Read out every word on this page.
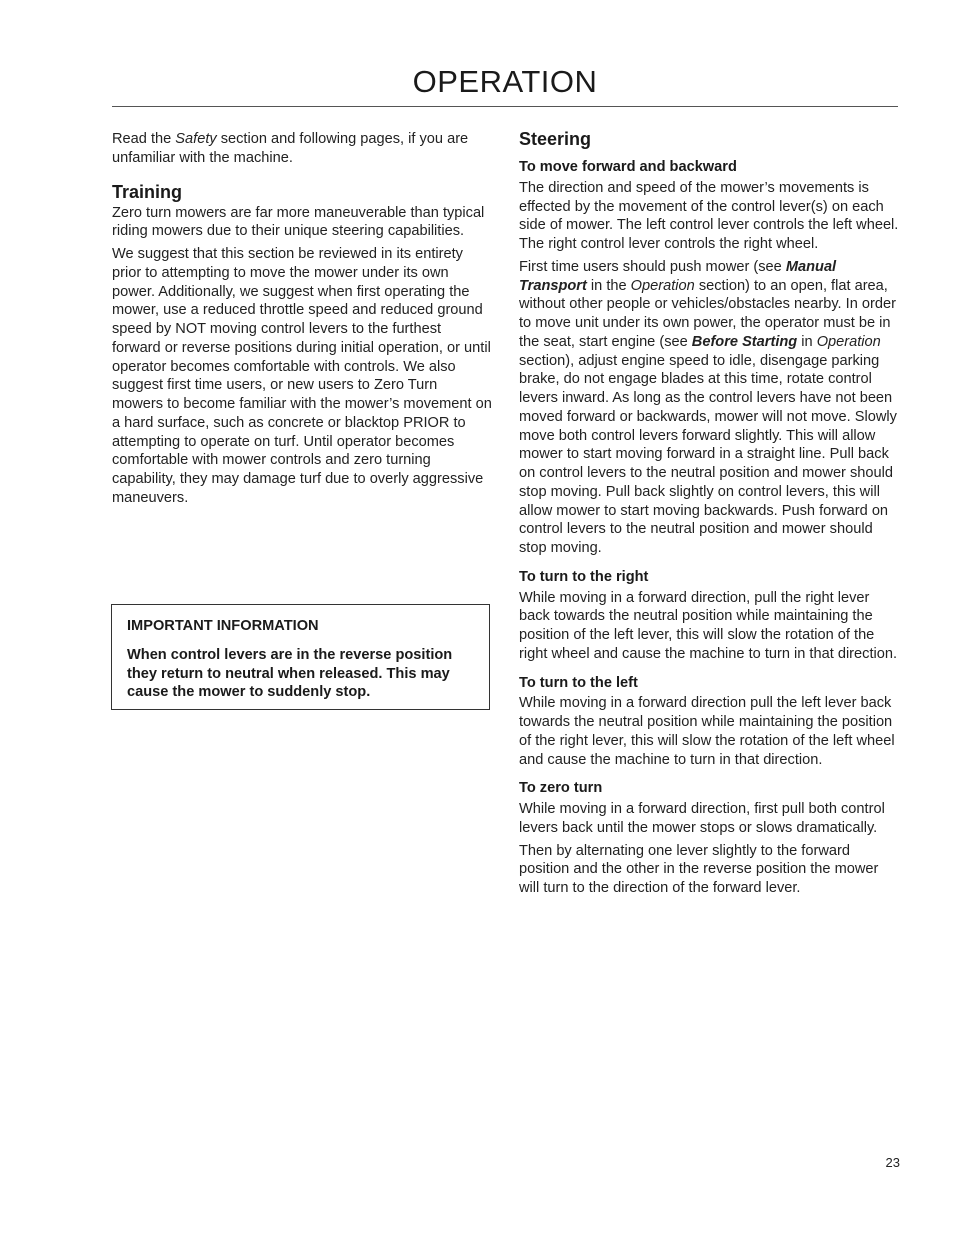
OPERATION

Read the Safety section and following pages, if you are unfamiliar with the machine.

Training

Zero turn mowers are far more maneuverable than typical riding mowers due to their unique steering capabilities.

We suggest that this section be reviewed in its entirety prior to attempting to move the mower under its own power. Additionally, we suggest when first operating the mower, use a reduced throttle speed and reduced ground speed by NOT moving control levers to the furthest forward or reverse positions during initial operation, or until operator becomes comfortable with controls. We also suggest first time users, or new users to Zero Turn mowers to become familiar with the mower’s movement on a hard surface, such as concrete or blacktop PRIOR to attempting to operate on turf. Until operator becomes comfortable with mower controls and zero turning capability, they may damage turf due to overly aggressive maneuvers.

IMPORTANT INFORMATION
When control levers are in the reverse position they return to neutral when released. This may cause the mower to suddenly stop.
Steering
To move forward and backward

The direction and speed of the mower’s movements is effected by the movement of the control lever(s) on each side of mower. The left control lever controls the left wheel. The right control lever controls the right wheel.

First time users should push mower (see Manual Transport in the Operation section) to an open, flat area, without other people or vehicles/obstacles nearby. In order to move unit under its own power, the operator must be in the seat, start engine (see Before Starting in Operation section), adjust engine speed to idle, disengage parking brake, do not engage blades at this time, rotate control levers inward. As long as the control levers have not been moved forward or backwards, mower will not move. Slowly move both control levers forward slightly. This will allow mower to start moving forward in a straight line. Pull back on control levers to the neutral position and mower should stop moving. Pull back slightly on control levers, this will allow mower to start moving backwards. Push forward on control levers to the neutral position and mower should stop moving.

To turn to the right

While moving in a forward direction, pull the right lever back towards the neutral position while maintaining the position of the left lever, this will slow the rotation of the right wheel and cause the machine to turn in that direction.

To turn to the left

While moving in a forward direction pull the left lever back towards the neutral position while maintaining the position of the right lever, this will slow the rotation of the left wheel and cause the machine to turn in that direction.

To zero turn

While moving in a forward direction, first pull both control levers back until the mower stops or slows dramatically.

Then by alternating one lever slightly to the forward position and the other in the reverse position the mower will turn to the direction of the forward lever.

23
